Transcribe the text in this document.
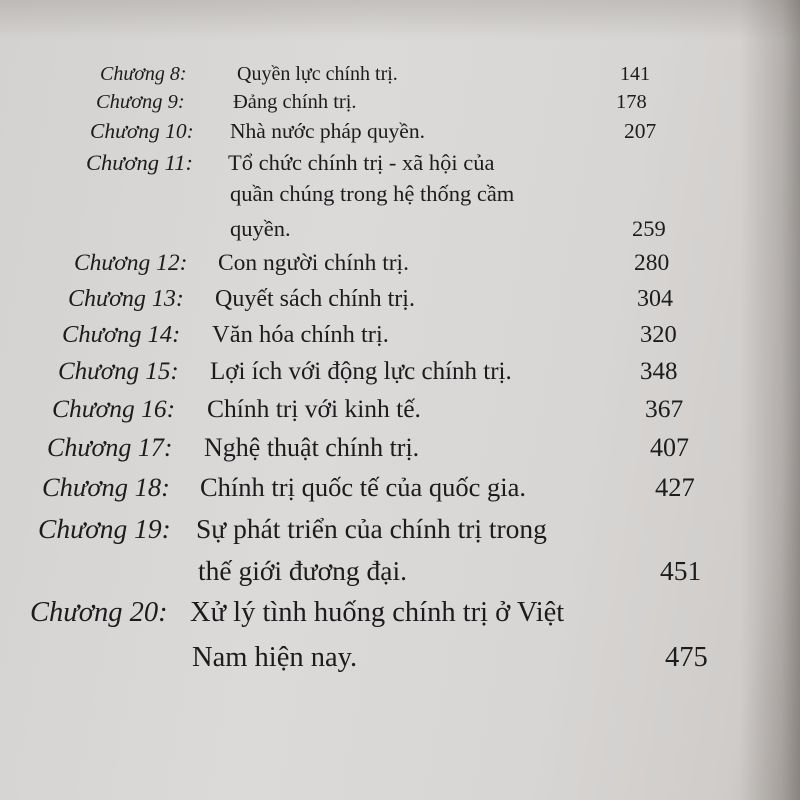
Chương 8:	Quyền lực chính trị.	141
Chương 9: Đảng chính trị.	178
Chương 10: Nhà nước pháp quyền.	207
Chương 11: Tổ chức chính trị - xã hội của
quần chúng trong hệ thống cầm
quyền.	259
Chương 12: Con người chính trị.	280
Chương 13: Quyết sách chính trị.	304
Chương 14: Văn hóa chính trị.	320
Chương 15: Lợi ích với động lực chính trị.	348
Chương 16: Chính trị với kinh tế.	367
Chương 17: Nghệ thuật chính trị.	407
Chương 18: Chính trị quốc tế của quốc gia.	427
Chương 19: Sự phát triển của chính trị trong
thế giới đương đại.	451
Chương 20: Xử lý tình huống chính trị ở Việt
Nam hiện nay.	475
